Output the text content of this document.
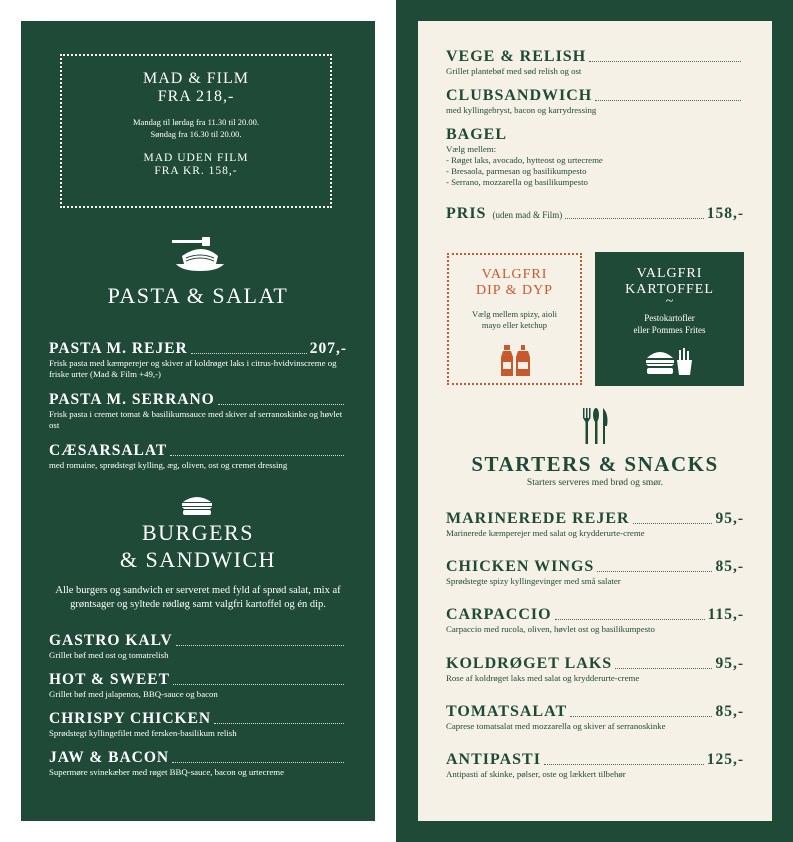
MAD & FILM
FRA 218,-
Mandag til lørdag fra 11.30 til 20.00.
Søndag fra 16.30 til 20.00.
MAD UDEN FILM
FRA KR. 158,-
PASTA & SALAT
PASTA M. REJER	207,-
Frisk pasta med kæmperejer og skiver af koldrøget laks i citrus-hvidvinscreme og friske urter (Mad & Film +49,-)
PASTA M. SERRANO
Frisk pasta i cremet tomat & basilikumsauce med skiver af serranoskinke og høvlet ost
CÆSARSALAT
med romaine, sprødstegt kylling, æg, oliven, ost og cremet dressing
BURGERS
& SANDWICH
Alle burgers og sandwich er serveret med fyld af sprød salat, mix af grøntsager og syltede rødløg samt valgfri kartoffel og én dip.
GASTRO KALV
Grillet bøf med ost og tomatrelish
HOT & SWEET
Grillet bøf med jalapenos, BBQ-sauce og bacon
CHRISPY CHICKEN
Sprødstegt kyllingefilet med fersken-basilikum relish
JAW & BACON
Supermøre svinekæber med røget BBQ-sauce, bacon og urtecreme
VEGE & RELISH
Grillet plantebøf med sød relish og ost
CLUBSANDWICH
med kyllingebryst, bacon og karrydressing
BAGEL
Vælg mellem:
- Røget laks, avocado, hytteost og urtecreme
- Bresaola, parmesan og basilikumpesto
- Serrano, mozzarella og basilikumpesto
PRIS (uden mad & Film)	158,-
VALGFRI
DIP & DYP
Vælg mellem spizy, aioli
mayo eller ketchup
VALGFRI
KARTOFFEL
~
Pestokartofler
eller Pommes Frites
STARTERS & SNACKS
Starters serveres med brød og smør.
MARINEREDE REJER	95,-
Marinerede kæmperejer med salat og krydderurte-creme
CHICKEN WINGS	85,-
Sprødstegte spizy kyllingevinger med små salater
CARPACCIO	115,-
Carpaccio med rucola, oliven, høvlet ost og basilikumpesto
KOLDRØGET LAKS	95,-
Rose af koldrøget laks med salat og krydderurte-creme
TOMATSALAT	85,-
Caprese tomatsalat med mozzarella og skiver af serranoskinke
ANTIPASTI	125,-
Antipasti af skinke, pølser, oste og lækkert tilbehør
